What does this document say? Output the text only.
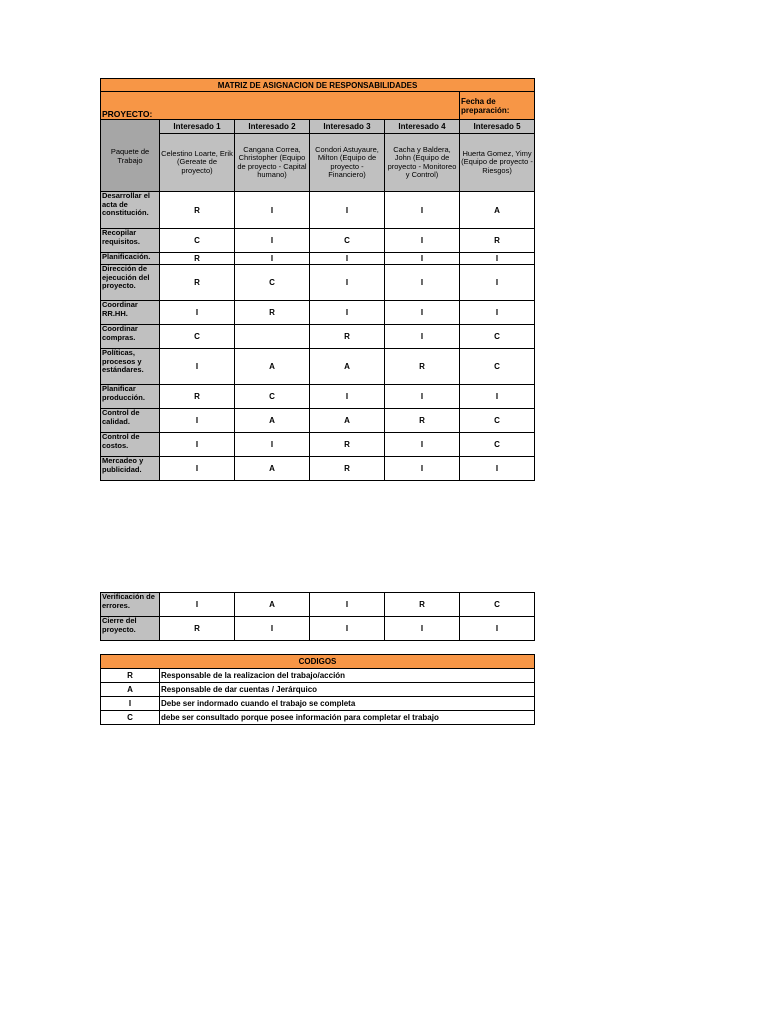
MATRIZ DE ASIGNACION DE RESPONSABILIDADES					
PROYECTO:					Fecha de preparación:
Paquete de Trabajo	Interesado 1	Interesado 2	Interesado 3	Interesado 4	Interesado 5
	Celestino Loarte, Erik (Gereate de proyecto)	Cangana Correa, Christopher (Equipo de proyecto - Capital humano)	Condori Astuyaure, Milton (Equipo de proyecto - Financiero)	Cacha y Baldera, John (Equipo de proyecto - Monitoreo y Control)	Huerta Gomez, Yimy (Equipo de proyecto - Riesgos)
Desarrollar el acta de constitución.	R	I	I	I	A
Recopilar requisitos.	C	I	C	I	R
Planificación.	R	I	I	I	I
Dirección de ejecución del proyecto.	R	C	I	I	I
Coordinar RR.HH.	I	R	I	I	I
Coordinar compras.	C		R	I	C
Políticas, procesos y estándares.	I	A	A	R	C
Planificar producción.	R	C	I	I	I
Control de calidad.	I	A	A	R	C
Control de costos.	I	I	R	I	C
Mercadeo y publicidad.	I	A	R	I	I
Verificación de errores.	I	A	I	R	C
Cierre del proyecto.	R	I	I	I	I
CODIGOS	
R	Responsable de la realizacion del trabajo/acción
A	Responsable de dar cuentas / Jerárquico
I	Debe ser indormado cuando el trabajo se completa
C	debe ser consultado porque posee información para completar el trabajo
